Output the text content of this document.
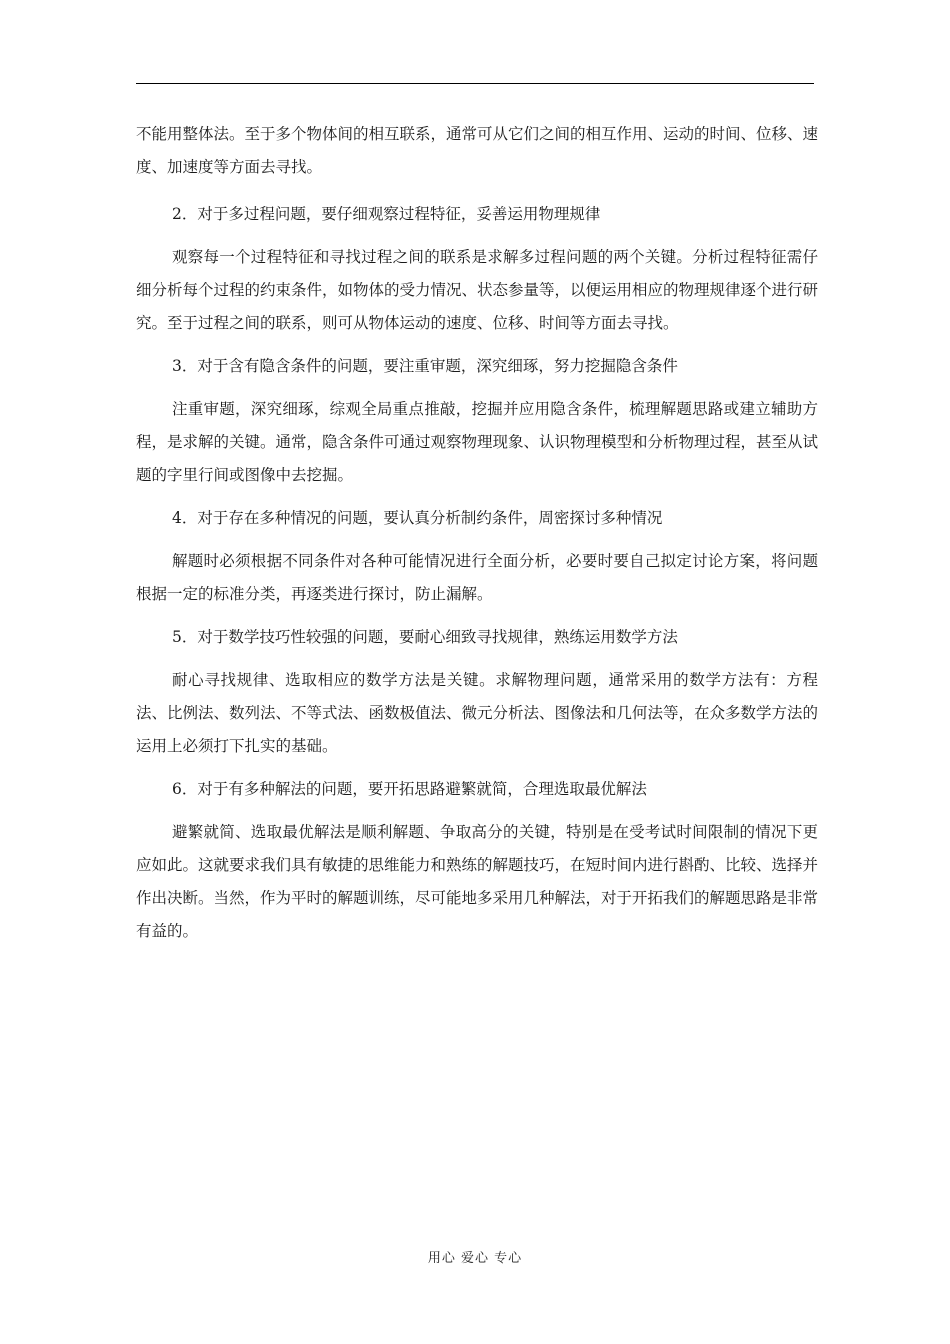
不能用整体法。至于多个物体间的相互联系，通常可从它们之间的相互作用、运动的时间、位移、速度、加速度等方面去寻找。

2．对于多过程问题，要仔细观察过程特征，妥善运用物理规律

观察每一个过程特征和寻找过程之间的联系是求解多过程问题的两个关键。分析过程特征需仔细分析每个过程的约束条件，如物体的受力情况、状态参量等，以便运用相应的物理规律逐个进行研究。至于过程之间的联系，则可从物体运动的速度、位移、时间等方面去寻找。

3．对于含有隐含条件的问题，要注重审题，深究细琢，努力挖掘隐含条件

注重审题，深究细琢，综观全局重点推敲，挖掘并应用隐含条件，梳理解题思路或建立辅助方程，是求解的关键。通常，隐含条件可通过观察物理现象、认识物理模型和分析物理过程，甚至从试题的字里行间或图像中去挖掘。

4．对于存在多种情况的问题，要认真分析制约条件，周密探讨多种情况

解题时必须根据不同条件对各种可能情况进行全面分析，必要时要自己拟定讨论方案，将问题根据一定的标准分类，再逐类进行探讨，防止漏解。

5．对于数学技巧性较强的问题，要耐心细致寻找规律，熟练运用数学方法

耐心寻找规律、选取相应的数学方法是关键。求解物理问题，通常采用的数学方法有：方程法、比例法、数列法、不等式法、函数极值法、微元分析法、图像法和几何法等，在众多数学方法的运用上必须打下扎实的基础。

6．对于有多种解法的问题，要开拓思路避繁就简，合理选取最优解法

避繁就简、选取最优解法是顺利解题、争取高分的关键，特别是在受考试时间限制的情况下更应如此。这就要求我们具有敏捷的思维能力和熟练的解题技巧，在短时间内进行斟酌、比较、选择并作出决断。当然，作为平时的解题训练，尽可能地多采用几种解法，对于开拓我们的解题思路是非常有益的。

用心 爱心 专心
